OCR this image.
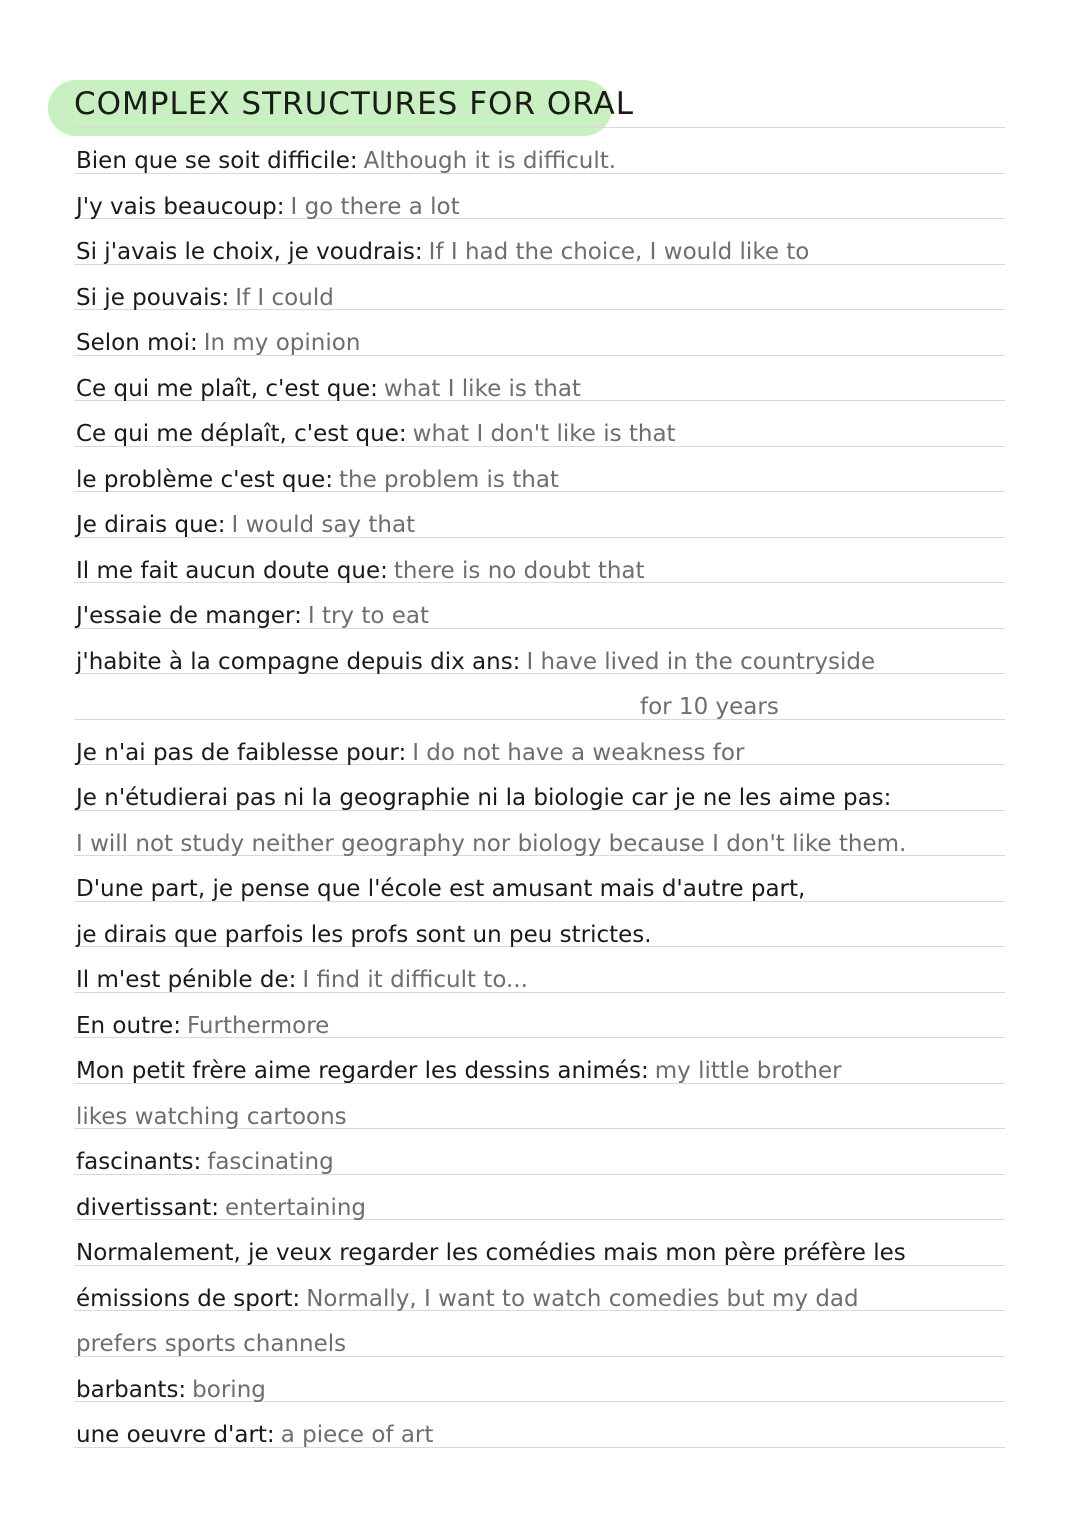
COMPLEX STRUCTURES FOR ORAL
Bien que se soit difficile: Although it is difficult.
J'y vais beaucoup: I go there a lot
Si j'avais le choix, je voudrais: If I had the choice, I would like to
Si je pouvais: If I could
Selon moi: In my opinion
Ce qui me plaît, c'est que: what I like is that
Ce qui me déplaît, c'est que: what I don't like is that
le problème c'est que: the problem is that
Je dirais que: I would say that
Il me fait aucun doute que: there is no doubt that
J'essaie de manger: I try to eat
j'habite à la compagne depuis dix ans: I have lived in the countryside
for 10 years
Je n'ai pas de faiblesse pour: I do not have a weakness for
Je n'étudierai pas ni la geographie ni la biologie car je ne les aime pas:
I will not study neither geography nor biology because I don't like them.
D'une part, je pense que l'école est amusant mais d'autre part,
je dirais que parfois les profs sont un peu strictes.
Il m'est pénible de: I find it difficult to...
En outre: Furthermore
Mon petit frère aime regarder les dessins animés: my little brother
likes watching cartoons
fascinants: fascinating
divertissant: entertaining
Normalement, je veux regarder les comédies mais mon père préfère les
émissions de sport: Normally, I want to watch comedies but my dad
prefers sports channels
barbants: boring
une oeuvre d'art: a piece of art
